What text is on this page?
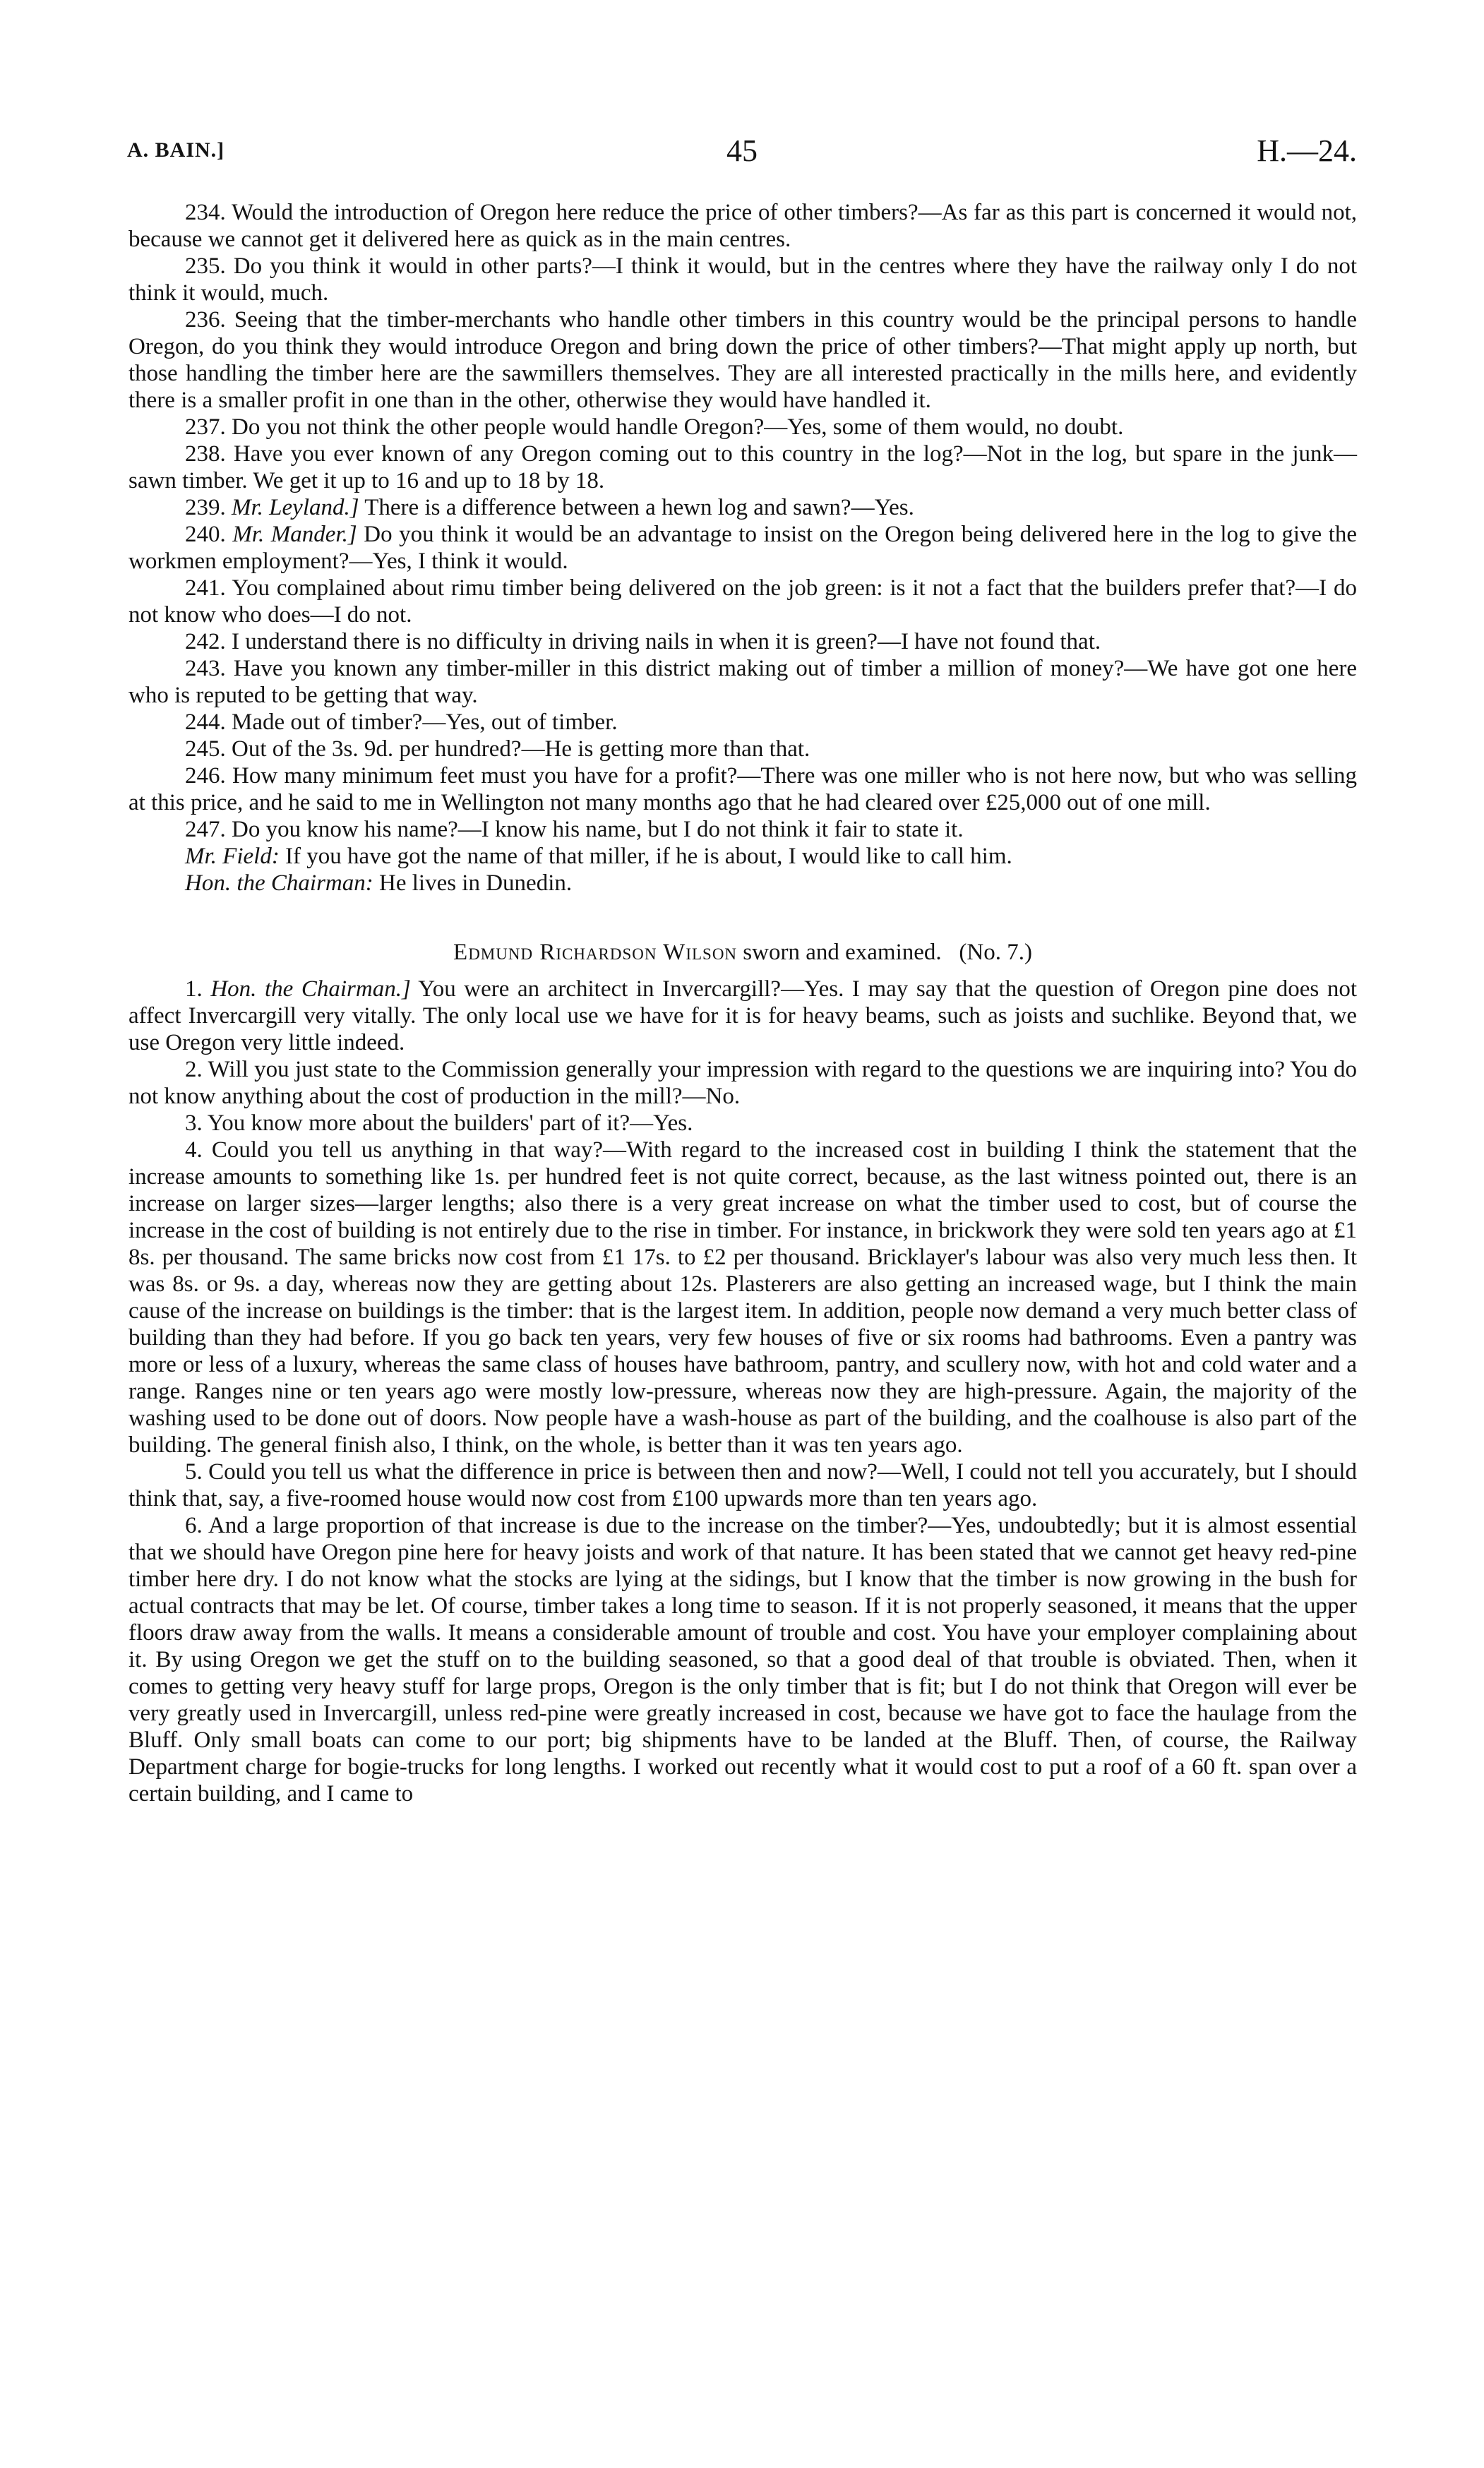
A. BAIN.]	45	H.—24.

234. Would the introduction of Oregon here reduce the price of other timbers?—As far as this part is concerned it would not, because we cannot get it delivered here as quick as in the main centres.

235. Do you think it would in other parts?—I think it would, but in the centres where they have the railway only I do not think it would, much.

236. Seeing that the timber-merchants who handle other timbers in this country would be the principal persons to handle Oregon, do you think they would introduce Oregon and bring down the price of other timbers?—That might apply up north, but those handling the timber here are the sawmillers themselves. They are all interested practically in the mills here, and evidently there is a smaller profit in one than in the other, otherwise they would have handled it.

237. Do you not think the other people would handle Oregon?—Yes, some of them would, no doubt.

238. Have you ever known of any Oregon coming out to this country in the log?—Not in the log, but spare in the junk—sawn timber. We get it up to 16 and up to 18 by 18.

239. Mr. Leyland.] There is a difference between a hewn log and sawn?—Yes.

240. Mr. Mander.] Do you think it would be an advantage to insist on the Oregon being delivered here in the log to give the workmen employment?—Yes, I think it would.

241. You complained about rimu timber being delivered on the job green: is it not a fact that the builders prefer that?—I do not know who does—I do not.

242. I understand there is no difficulty in driving nails in when it is green?—I have not found that.

243. Have you known any timber-miller in this district making out of timber a million of money?—We have got one here who is reputed to be getting that way.

244. Made out of timber?—Yes, out of timber.

245. Out of the 3s. 9d. per hundred?—He is getting more than that.

246. How many minimum feet must you have for a profit?—There was one miller who is not here now, but who was selling at this price, and he said to me in Wellington not many months ago that he had cleared over £25,000 out of one mill.

247. Do you know his name?—I know his name, but I do not think it fair to state it.

Mr. Field: If you have got the name of that miller, if he is about, I would like to call him.

Hon. the Chairman: He lives in Dunedin.

Edmund Richardson Wilson sworn and examined. (No. 7.)

1. Hon. the Chairman.] You were an architect in Invercargill?—Yes. I may say that the question of Oregon pine does not affect Invercargill very vitally. The only local use we have for it is for heavy beams, such as joists and suchlike. Beyond that, we use Oregon very little indeed.

2. Will you just state to the Commission generally your impression with regard to the questions we are inquiring into? You do not know anything about the cost of production in the mill?—No.

3. You know more about the builders' part of it?—Yes.

4. Could you tell us anything in that way?—With regard to the increased cost in building I think the statement that the increase amounts to something like 1s. per hundred feet is not quite correct, because, as the last witness pointed out, there is an increase on larger sizes—larger lengths; also there is a very great increase on what the timber used to cost, but of course the increase in the cost of building is not entirely due to the rise in timber. For instance, in brickwork they were sold ten years ago at £1 8s. per thousand. The same bricks now cost from £1 17s. to £2 per thousand. Bricklayer's labour was also very much less then. It was 8s. or 9s. a day, whereas now they are getting about 12s. Plasterers are also getting an increased wage, but I think the main cause of the increase on buildings is the timber: that is the largest item. In addition, people now demand a very much better class of building than they had before. If you go back ten years, very few houses of five or six rooms had bathrooms. Even a pantry was more or less of a luxury, whereas the same class of houses have bathroom, pantry, and scullery now, with hot and cold water and a range. Ranges nine or ten years ago were mostly low-pressure, whereas now they are high-pressure. Again, the majority of the washing used to be done out of doors. Now people have a wash-house as part of the building, and the coalhouse is also part of the building. The general finish also, I think, on the whole, is better than it was ten years ago.

5. Could you tell us what the difference in price is between then and now?—Well, I could not tell you accurately, but I should think that, say, a five-roomed house would now cost from £100 upwards more than ten years ago.

6. And a large proportion of that increase is due to the increase on the timber?—Yes, undoubtedly; but it is almost essential that we should have Oregon pine here for heavy joists and work of that nature. It has been stated that we cannot get heavy red-pine timber here dry. I do not know what the stocks are lying at the sidings, but I know that the timber is now growing in the bush for actual contracts that may be let. Of course, timber takes a long time to season. If it is not properly seasoned, it means that the upper floors draw away from the walls. It means a considerable amount of trouble and cost. You have your employer complaining about it. By using Oregon we get the stuff on to the building seasoned, so that a good deal of that trouble is obviated. Then, when it comes to getting very heavy stuff for large props, Oregon is the only timber that is fit; but I do not think that Oregon will ever be very greatly used in Invercargill, unless red-pine were greatly increased in cost, because we have got to face the haulage from the Bluff. Only small boats can come to our port; big shipments have to be landed at the Bluff. Then, of course, the Railway Department charge for bogie-trucks for long lengths. I worked out recently what it would cost to put a roof of a 60 ft. span over a certain building, and I came to
